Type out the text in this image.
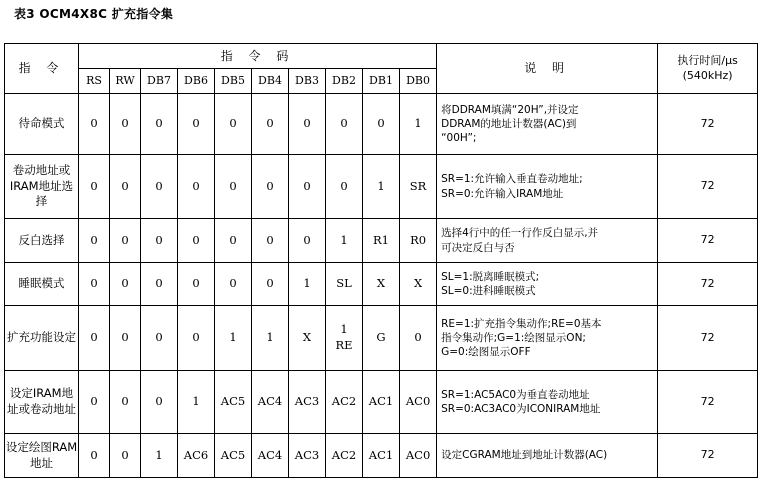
表3 OCM4X8C 扩充指令集
指 令	指 令 码										说 明	执行时间/μs
(540kHz)

	RS	RW	DB7	DB6	DB5	DB4	DB3	DB2	DB1	DB0		
待命模式	0	0	0	0	0	0	0	0	0	1	将DDRAM填满“20H”,并设定
DDRAM的地址计数器(AC)到
“00H”;	72
卷动地址或IRAM地址选择	0	0	0	0	0	0	0	0	1	SR	SR=1:允许输入垂直卷动地址;
SR=0:允许输入IRAM地址	72
反白选择	0	0	0	0	0	0	0	1	R1	R0	选择4行中的任一行作反白显示,并
可决定反白与否	72
睡眠模式	0	0	0	0	0	0	1	SL	X	X	SL=1:脱离睡眠模式;
SL=0:进科睡眠模式	72
扩充功能设定	0	0	0	0	1	1	X	1
RE	G	0	RE=1:扩充指令集动作;RE=0基本
指令集动作;G=1:绘图显示ON;
G=0:绘图显示OFF	72
设定IRAM地址或卷动地址	0	0	0	1	AC5	AC4	AC3	AC2	AC1	AC0	SR=1:AC5AC0为垂直卷动地址
SR=0:AC3AC0为ICONIRAM地址	72
设定绘图RAM地址	0	0	1	AC6	AC5	AC4	AC3	AC2	AC1	AC0	设定CGRAM地址到地址计数器(AC)	72
